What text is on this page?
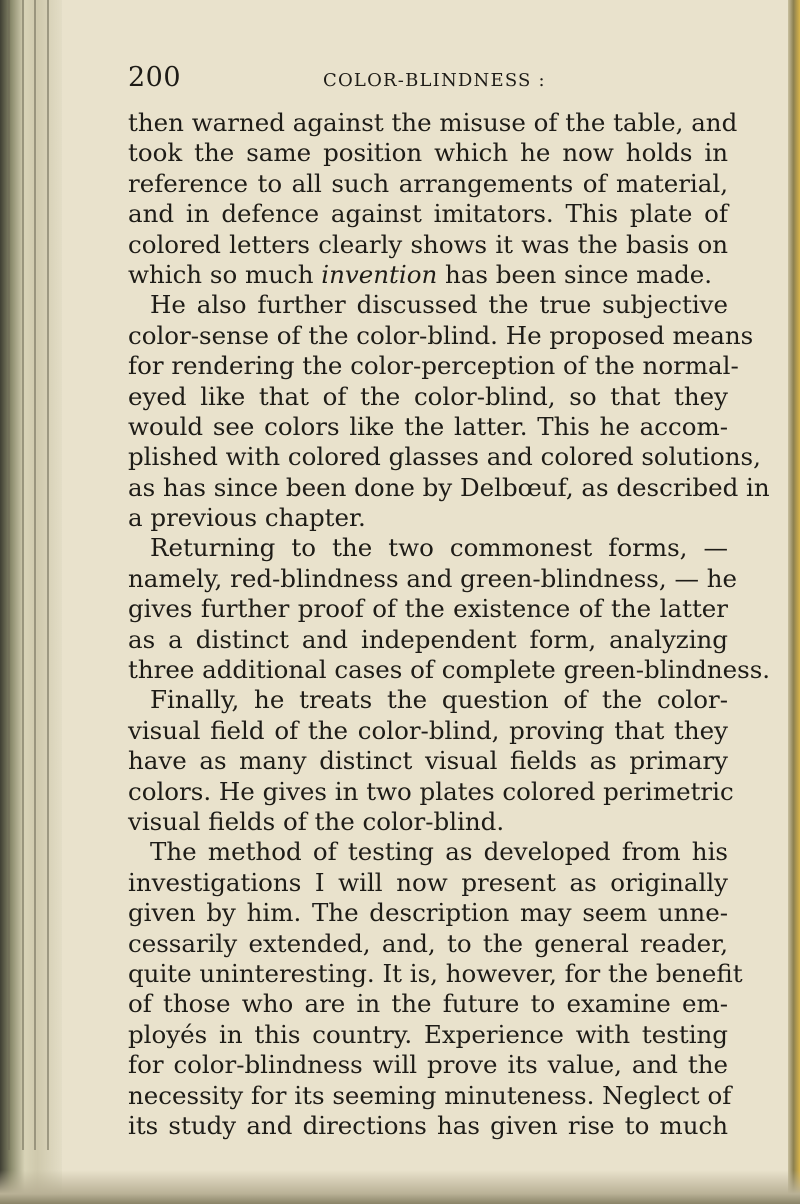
200	COLOR-BLINDNESS :
then warned against the misuse of the table, and
took the same position which he now holds in
reference to all such arrangements of material,
and in defence against imitators. This plate of
colored letters clearly shows it was the basis on
which so much invention has been since made.
He also further discussed the true subjective
color-sense of the color-blind. He proposed means
for rendering the color-perception of the normal-
eyed like that of the color-blind, so that they
would see colors like the latter. This he accom-
plished with colored glasses and colored solutions,
as has since been done by Delbœuf, as described in
a previous chapter.
Returning to the two commonest forms, —
namely, red-blindness and green-blindness, — he
gives further proof of the existence of the latter
as a distinct and independent form, analyzing
three additional cases of complete green-blindness.
Finally, he treats the question of the color-
visual field of the color-blind, proving that they
have as many distinct visual fields as primary
colors. He gives in two plates colored perimetric
visual fields of the color-blind.
The method of testing as developed from his
investigations I will now present as originally
given by him. The description may seem unne-
cessarily extended, and, to the general reader,
quite uninteresting. It is, however, for the benefit
of those who are in the future to examine em-
ployés in this country. Experience with testing
for color-blindness will prove its value, and the
necessity for its seeming minuteness. Neglect of
its study and directions has given rise to much
